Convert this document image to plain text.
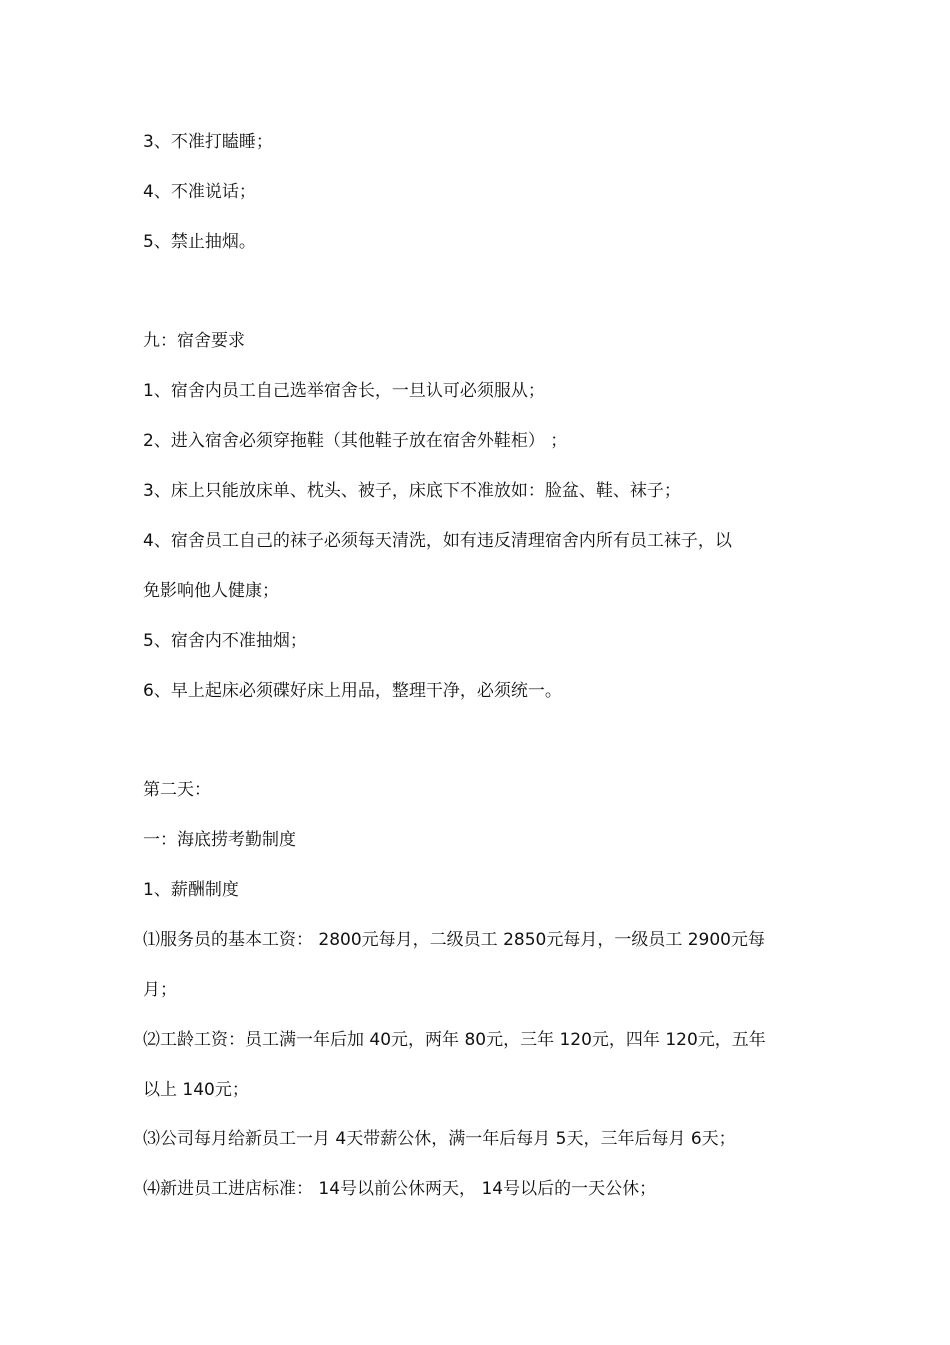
3、不准打瞌睡；
4、不准说话；
5、禁止抽烟。
九：宿舍要求
1、宿舍内员工自己选举宿舍长，一旦认可必须服从；
2、进入宿舍必须穿拖鞋（其他鞋子放在宿舍外鞋柜） ；
3、床上只能放床单、枕头、被子，床底下不准放如：脸盆、鞋、袜子；
4、宿舍员工自己的袜子必须每天清洗，如有违反清理宿舍内所有员工袜子，以
免影响他人健康；
5、宿舍内不准抽烟；
6、早上起床必须碟好床上用品，整理干净，必须统一。
第二天：
一：海底捞考勤制度
1、薪酬制度
⑴服务员的基本工资： 2800元每月，二级员工 2850元每月，一级员工 2900元每
月；
⑵工龄工资：员工满一年后加 40元，两年 80元，三年 120元，四年 120元，五年
以上 140元；
⑶公司每月给新员工一月 4天带薪公休，满一年后每月 5天，三年后每月 6天；
⑷新进员工进店标准： 14号以前公休两天， 14号以后的一天公休；
